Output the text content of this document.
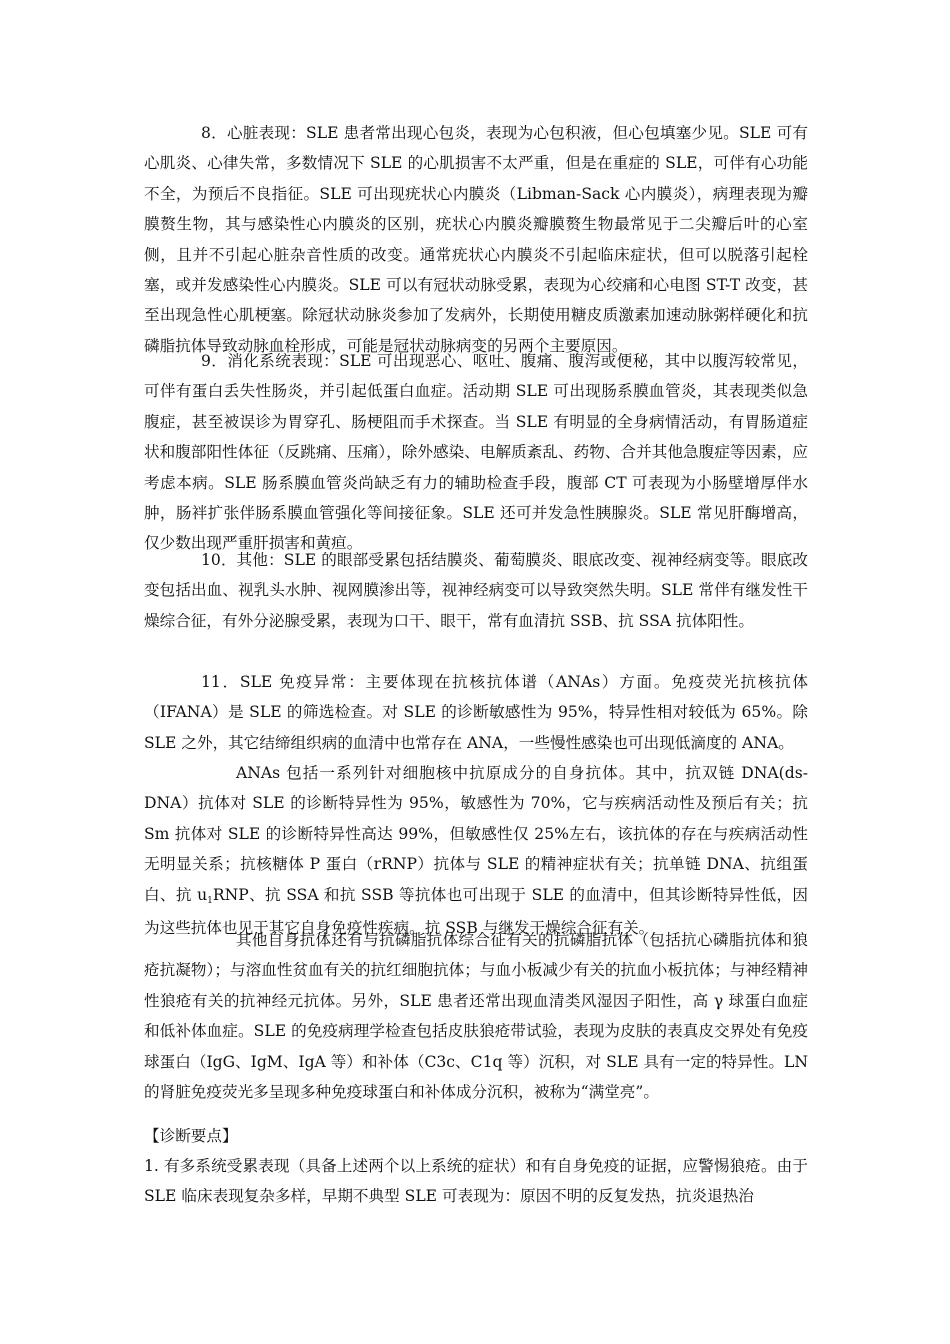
8．心脏表现：SLE 患者常出现心包炎，表现为心包积液，但心包填塞少见。SLE 可有心肌炎、心律失常，多数情况下 SLE 的心肌损害不太严重，但是在重症的 SLE，可伴有心功能不全，为预后不良指征。SLE 可出现疣状心内膜炎（Libman-Sack 心内膜炎），病理表现为瓣膜赘生物，其与感染性心内膜炎的区别，疣状心内膜炎瓣膜赘生物最常见于二尖瓣后叶的心室侧，且并不引起心脏杂音性质的改变。通常疣状心内膜炎不引起临床症状，但可以脱落引起栓塞，或并发感染性心内膜炎。SLE 可以有冠状动脉受累，表现为心绞痛和心电图 ST-T 改变，甚至出现急性心肌梗塞。除冠状动脉炎参加了发病外，长期使用糖皮质激素加速动脉粥样硬化和抗磷脂抗体导致动脉血栓形成，可能是冠状动脉病变的另两个主要原因。

9．消化系统表现：SLE 可出现恶心、呕吐、腹痛、腹泻或便秘，其中以腹泻较常见，可伴有蛋白丢失性肠炎，并引起低蛋白血症。活动期 SLE 可出现肠系膜血管炎，其表现类似急腹症，甚至被误诊为胃穿孔、肠梗阻而手术探查。当 SLE 有明显的全身病情活动，有胃肠道症状和腹部阳性体征（反跳痛、压痛），除外感染、电解质紊乱、药物、合并其他急腹症等因素，应考虑本病。SLE 肠系膜血管炎尚缺乏有力的辅助检查手段，腹部 CT 可表现为小肠壁增厚伴水肿，肠袢扩张伴肠系膜血管强化等间接征象。SLE 还可并发急性胰腺炎。SLE 常见肝酶增高，仅少数出现严重肝损害和黄疸。

10．其他：SLE 的眼部受累包括结膜炎、葡萄膜炎、眼底改变、视神经病变等。眼底改变包括出血、视乳头水肿、视网膜渗出等，视神经病变可以导致突然失明。SLE 常伴有继发性干燥综合征，有外分泌腺受累，表现为口干、眼干，常有血清抗 SSB、抗 SSA 抗体阳性。

11．SLE 免疫异常：主要体现在抗核抗体谱（ANAs）方面。免疫荧光抗核抗体（IFANA）是 SLE 的筛选检查。对 SLE 的诊断敏感性为 95%，特异性相对较低为 65%。除 SLE 之外，其它结缔组织病的血清中也常存在 ANA，一些慢性感染也可出现低滴度的 ANA。

ANAs 包括一系列针对细胞核中抗原成分的自身抗体。其中，抗双链 DNA(ds-DNA）抗体对 SLE 的诊断特异性为 95%，敏感性为 70%，它与疾病活动性及预后有关；抗 Sm 抗体对 SLE 的诊断特异性高达 99%，但敏感性仅 25%左右，该抗体的存在与疾病活动性无明显关系；抗核糖体 P 蛋白（rRNP）抗体与 SLE 的精神症状有关；抗单链 DNA、抗组蛋白、抗 u1RNP、抗 SSA 和抗 SSB 等抗体也可出现于 SLE 的血清中，但其诊断特异性低，因为这些抗体也见于其它自身免疫性疾病。抗 SSB 与继发干燥综合征有关。

其他自身抗体还有与抗磷脂抗体综合征有关的抗磷脂抗体（包括抗心磷脂抗体和狼疮抗凝物）；与溶血性贫血有关的抗红细胞抗体；与血小板减少有关的抗血小板抗体；与神经精神性狼疮有关的抗神经元抗体。另外，SLE 患者还常出现血清类风湿因子阳性，高 γ 球蛋白血症和低补体血症。SLE 的免疫病理学检查包括皮肤狼疮带试验，表现为皮肤的表真皮交界处有免疫球蛋白（IgG、IgM、IgA 等）和补体（C3c、C1q 等）沉积，对 SLE 具有一定的特异性。LN 的肾脏免疫荧光多呈现多种免疫球蛋白和补体成分沉积，被称为“满堂亮”。

【诊断要点】

1. 有多系统受累表现（具备上述两个以上系统的症状）和有自身免疫的证据，应警惕狼疮。由于 SLE 临床表现复杂多样，早期不典型 SLE 可表现为：原因不明的反复发热，抗炎退热治
